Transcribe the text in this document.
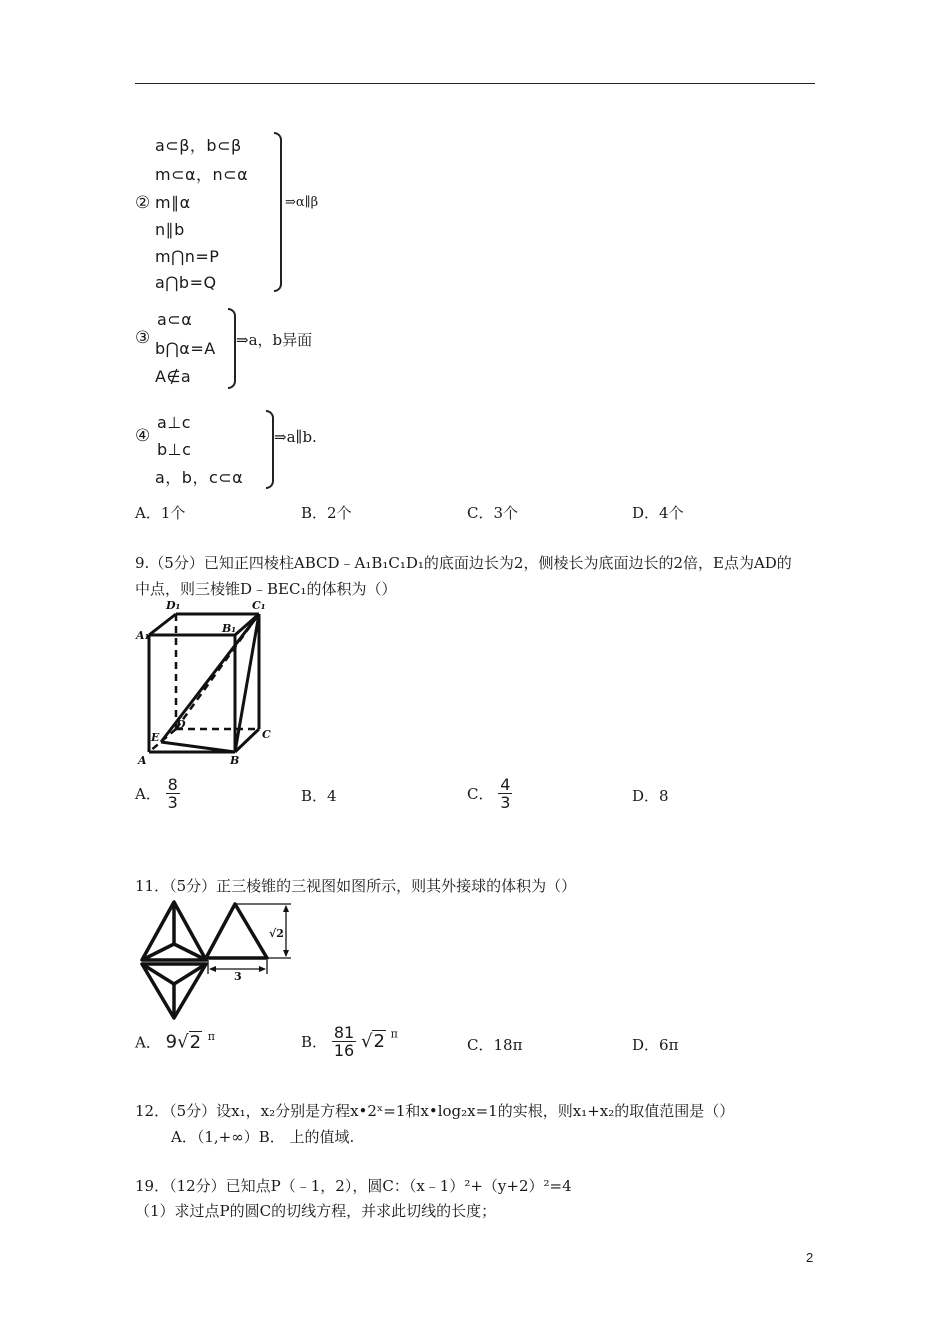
②
a⊂β，b⊂β
m⊂α，n⊂α
m∥α
n∥b
m⋂n=P
a⋂b=Q
⇒α∥β
③
a⊂α
b⋂α=A
A∉a
⇒a，b异面
④
a⊥c
b⊥c
a，b，c⊂α
⇒a∥b.
A．1个	B．2个	C．3个	D．4个
9.（5分）已知正四棱柱ABCD﹣A₁B₁C₁D₁的底面边长为2，侧棱长为底面边长的2倍，E点为AD的
中点，则三棱锥D﹣BEC₁的体积为（）
D₁	C₁
A₁
B₁
D
E	C
A	B
A． $\frac{8}{3}$	B．4	C． $\frac{4}{3}$	D．8
11．（5分）正三棱锥的三视图如图所示，则其外接球的体积为（）
√2
3
A． 9√2 $^\pi$	B． $\frac{81}{16} √2$ $^\pi$
C．18π	D．6π
12．（5分）设x₁，x₂分别是方程x•2ˣ=1和x•log₂x=1的实根，则x₁+x₂的取值范围是（）
A．（1,+∞）B． 上的值域.
19．（12分）已知点P（﹣1，2），圆C：（x﹣1）²+（y+2）²=4
（1）求过点P的圆C的切线方程，并求此切线的长度；
2
